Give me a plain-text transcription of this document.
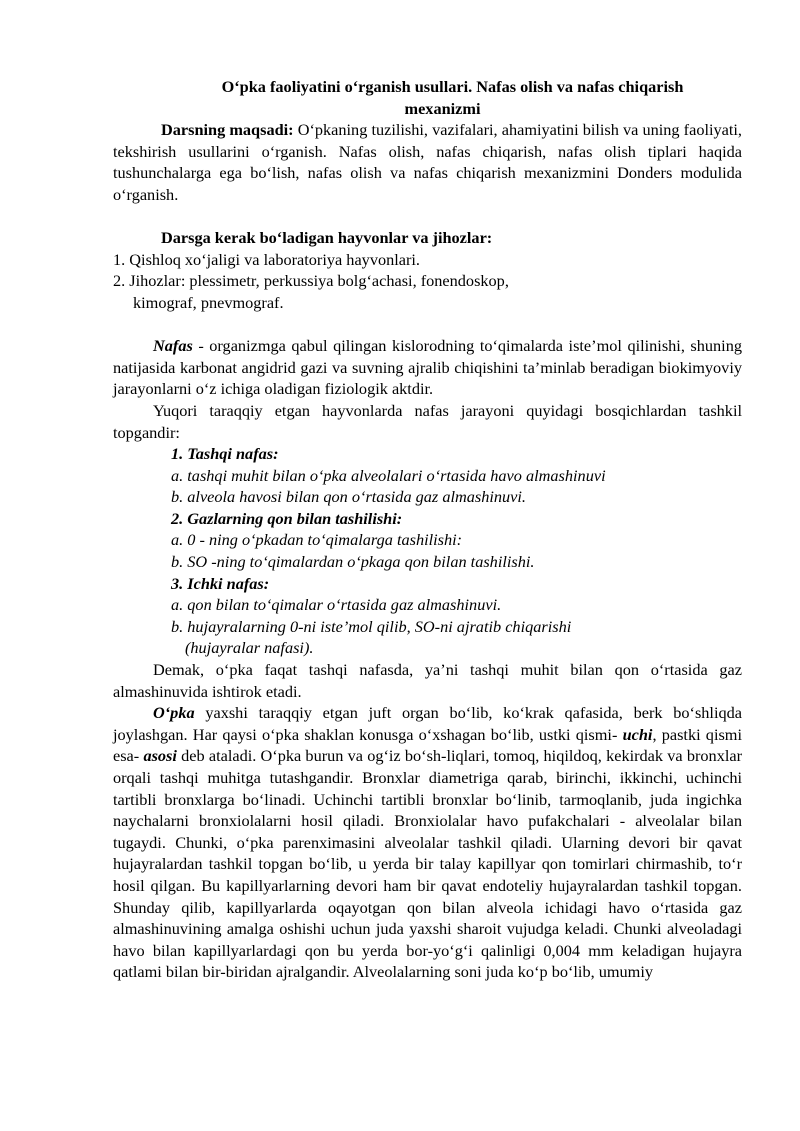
O‘pka faoliyatini o‘rganish usullari. Nafas olish va nafas chiqarish

mexanizmi

Darsning maqsadi: O‘pkaning tuzilishi, vazifalari, ahamiyatini bilish va uning faoliyati, tekshirish usullarini o‘rganish. Nafas olish, nafas chiqarish, nafas olish tiplari haqida tushunchalarga ega bo‘lish, nafas olish va nafas chiqarish mexanizmini Donders modulida o‘rganish.

Darsga kerak bo‘ladigan hayvonlar va jihozlar:

1. Qishloq xo‘jaligi va laboratoriya hayvonlari.

2. Jihozlar: plessimetr, perkussiya bolg‘achasi, fonendoskop,

kimograf, pnevmograf.

Nafas - organizmga qabul qilingan kislorodning to‘qimalarda iste’mol qilinishi, shuning natijasida karbonat angidrid gazi va suvning ajralib chiqishini ta’minlab beradigan biokimyoviy jarayonlarni o‘z ichiga oladigan fiziologik aktdir.

Yuqori taraqqiy etgan hayvonlarda nafas jarayoni quyidagi bosqichlardan tashkil topgandir:

1. Tashqi nafas:

a. tashqi muhit bilan o‘pka alveolalari o‘rtasida havo almashinuvi

b. alveola havosi bilan qon o‘rtasida gaz almashinuvi.

2. Gazlarning qon bilan tashilishi:

a. 0 - ning o‘pkadan to‘qimalarga tashilishi:

b. SO -ning to‘qimalardan o‘pkaga qon bilan tashilishi.

3. Ichki nafas:

a. qon bilan to‘qimalar o‘rtasida gaz almashinuvi.

b. hujayralarning 0-ni iste’mol qilib, SO-ni ajratib chiqarishi

(hujayralar nafasi).

Demak, o‘pka faqat tashqi nafasda, ya’ni tashqi muhit bilan qon o‘rtasida gaz almashinuvida ishtirok etadi.

O‘pka yaxshi taraqqiy etgan juft organ bo‘lib, ko‘krak qafasida, berk bo‘shliqda joylashgan. Har qaysi o‘pka shaklan konusga o‘xshagan bo‘lib, ustki qismi- uchi, pastki qismi esa- asosi deb ataladi. O‘pka burun va og‘iz bo‘sh-liqlari, tomoq, hiqildoq, kekirdak va bronxlar orqali tashqi muhitga tutashgandir. Bronxlar diametriga qarab, birinchi, ikkinchi, uchinchi tartibli bronxlarga bo‘linadi. Uchinchi tartibli bronxlar bo‘linib, tarmoqlanib, juda ingichka naychalarni bronxiolalarni hosil qiladi. Bronxiolalar havo pufakchalari - alveolalar bilan tugaydi. Chunki, o‘pka parenximasini alveolalar tashkil qiladi. Ularning devori bir qavat hujayralardan tashkil topgan bo‘lib, u yerda bir talay kapillyar qon tomirlari chirmashib, to‘r hosil qilgan. Bu kapillyarlarning devori ham bir qavat endoteliy hujayralardan tashkil topgan. Shunday qilib, kapillyarlarda oqayotgan qon bilan alveola ichidagi havo o‘rtasida gaz almashinuvining amalga oshishi uchun juda yaxshi sharoit vujudga keladi. Chunki alveoladagi havo bilan kapillyarlardagi qon bu yerda bor-yo‘g‘i qalinligi 0,004 mm keladigan hujayra qatlami bilan bir-biridan ajralgandir. Alveolalarning soni juda ko‘p bo‘lib, umumiy
